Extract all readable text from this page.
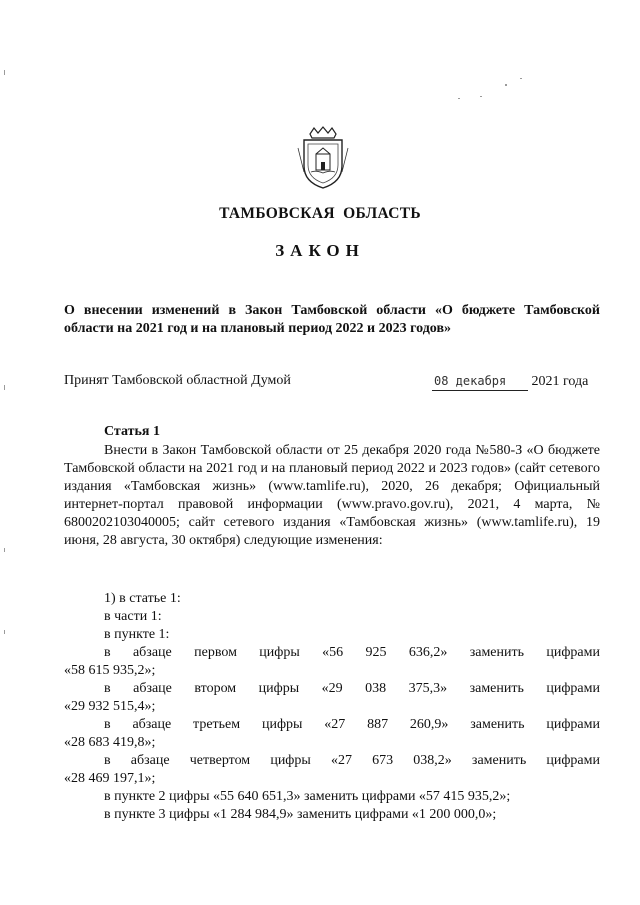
ТАМБОВСКАЯ  ОБЛАСТЬ
ЗАКОН
О внесении изменений в Закон Тамбовской области «О бюджете Тамбовской области на 2021 год и на плановый период 2022 и 2023 годов»
Принят Тамбовской областной Думой	08 декабря 2021 года
Статья 1
Внести в Закон Тамбовской области от 25 декабря 2020 года №580-З «О бюджете Тамбовской области на 2021 год и на плановый период 2022 и 2023 годов» (сайт сетевого издания «Тамбовская жизнь» (www.tamlife.ru), 2020, 26 декабря; Официальный интернет-портал правовой информации (www.pravo.gov.ru), 2021, 4 марта, № 6800202103040005; сайт сетевого издания «Тамбовская жизнь» (www.tamlife.ru), 19 июня, 28 августа, 30 октября) следующие изменения:
1) в статье 1:
в части 1:
в пункте 1:
в абзаце первом цифры «56 925 636,2» заменить цифрами
«58 615 935,2»;
в абзаце втором цифры «29 038 375,3» заменить цифрами
«29 932 515,4»;
в абзаце третьем цифры «27 887 260,9» заменить цифрами
«28 683 419,8»;
в абзаце четвертом цифры «27 673 038,2» заменить цифрами
«28 469 197,1»;
в пункте 2 цифры «55 640 651,3» заменить цифрами «57 415 935,2»;
в пункте 3 цифры «1 284 984,9» заменить цифрами «1 200 000,0»;
